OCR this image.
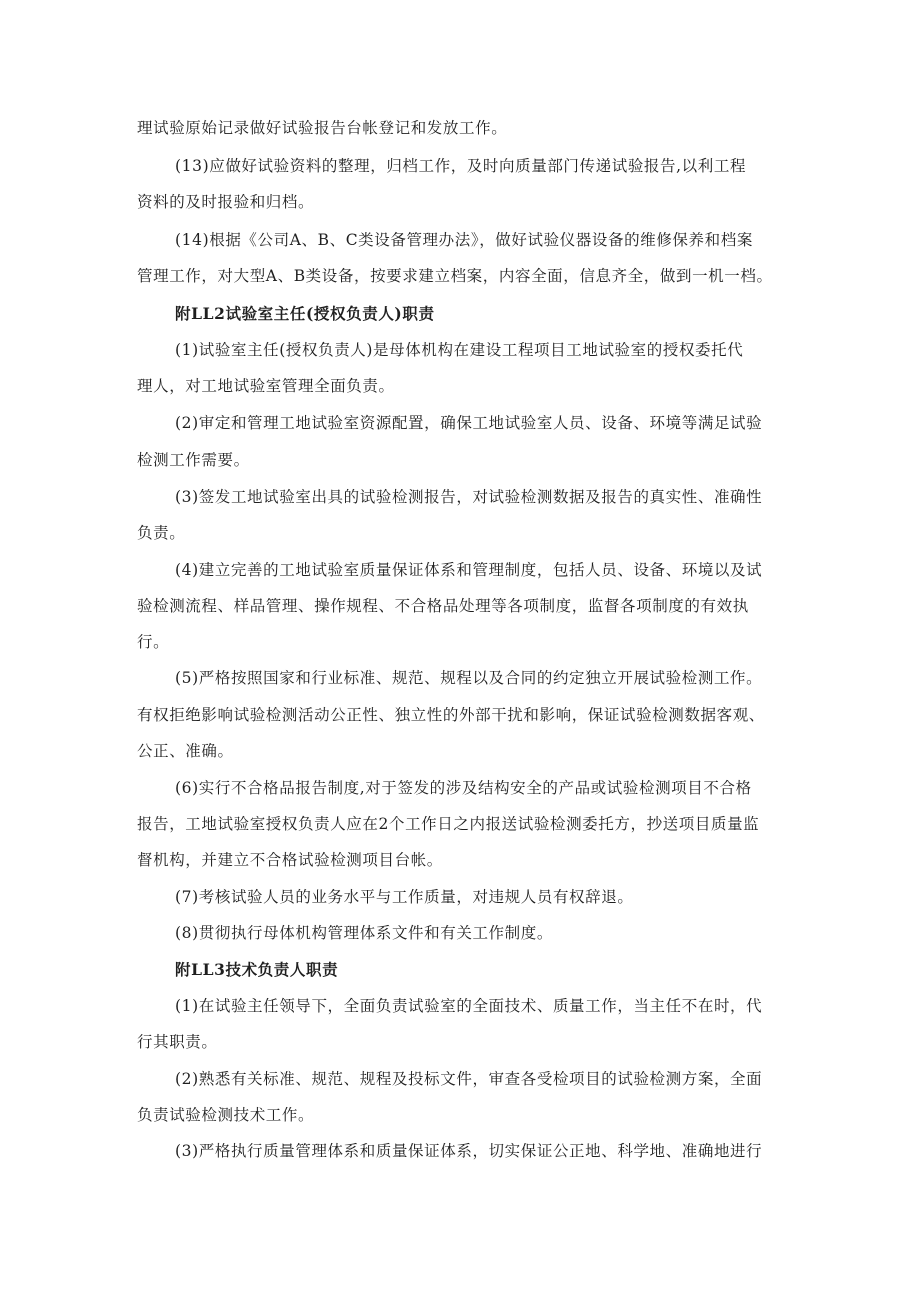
理试验原始记录做好试验报告台帐登记和发放工作。
(13)应做好试验资料的整理，归档工作，及时向质量部门传递试验报告,以利工程
资料的及时报验和归档。
(14)根据《公司A、B、C类设备管理办法》，做好试验仪器设备的维修保养和档案
管理工作，对大型A、B类设备，按要求建立档案，内容全面，信息齐全，做到一机一档。
附LL2试验室主任(授权负责人)职责
(1)试验室主任(授权负责人)是母体机构在建设工程项目工地试验室的授权委托代
理人，对工地试验室管理全面负责。
(2)审定和管理工地试验室资源配置，确保工地试验室人员、设备、环境等满足试验
检测工作需要。
(3)签发工地试验室出具的试验检测报告，对试验检测数据及报告的真实性、准确性
负责。
(4)建立完善的工地试验室质量保证体系和管理制度，包括人员、设备、环境以及试
验检测流程、样品管理、操作规程、不合格品处理等各项制度，监督各项制度的有效执
行。
(5)严格按照国家和行业标准、规范、规程以及合同的约定独立开展试验检测工作。
有权拒绝影响试验检测活动公正性、独立性的外部干扰和影响，保证试验检测数据客观、
公正、准确。
(6)实行不合格品报告制度,对于签发的涉及结构安全的产品或试验检测项目不合格
报告，工地试验室授权负责人应在2个工作日之内报送试验检测委托方，抄送项目质量监
督机构，并建立不合格试验检测项目台帐。
(7)考核试验人员的业务水平与工作质量，对违规人员有权辞退。
(8)贯彻执行母体机构管理体系文件和有关工作制度。
附LL3技术负责人职责
(1)在试验主任领导下，全面负责试验室的全面技术、质量工作，当主任不在时，代
行其职责。
(2)熟悉有关标准、规范、规程及投标文件，审查各受检项目的试验检测方案，全面
负责试验检测技术工作。
(3)严格执行质量管理体系和质量保证体系，切实保证公正地、科学地、准确地进行
